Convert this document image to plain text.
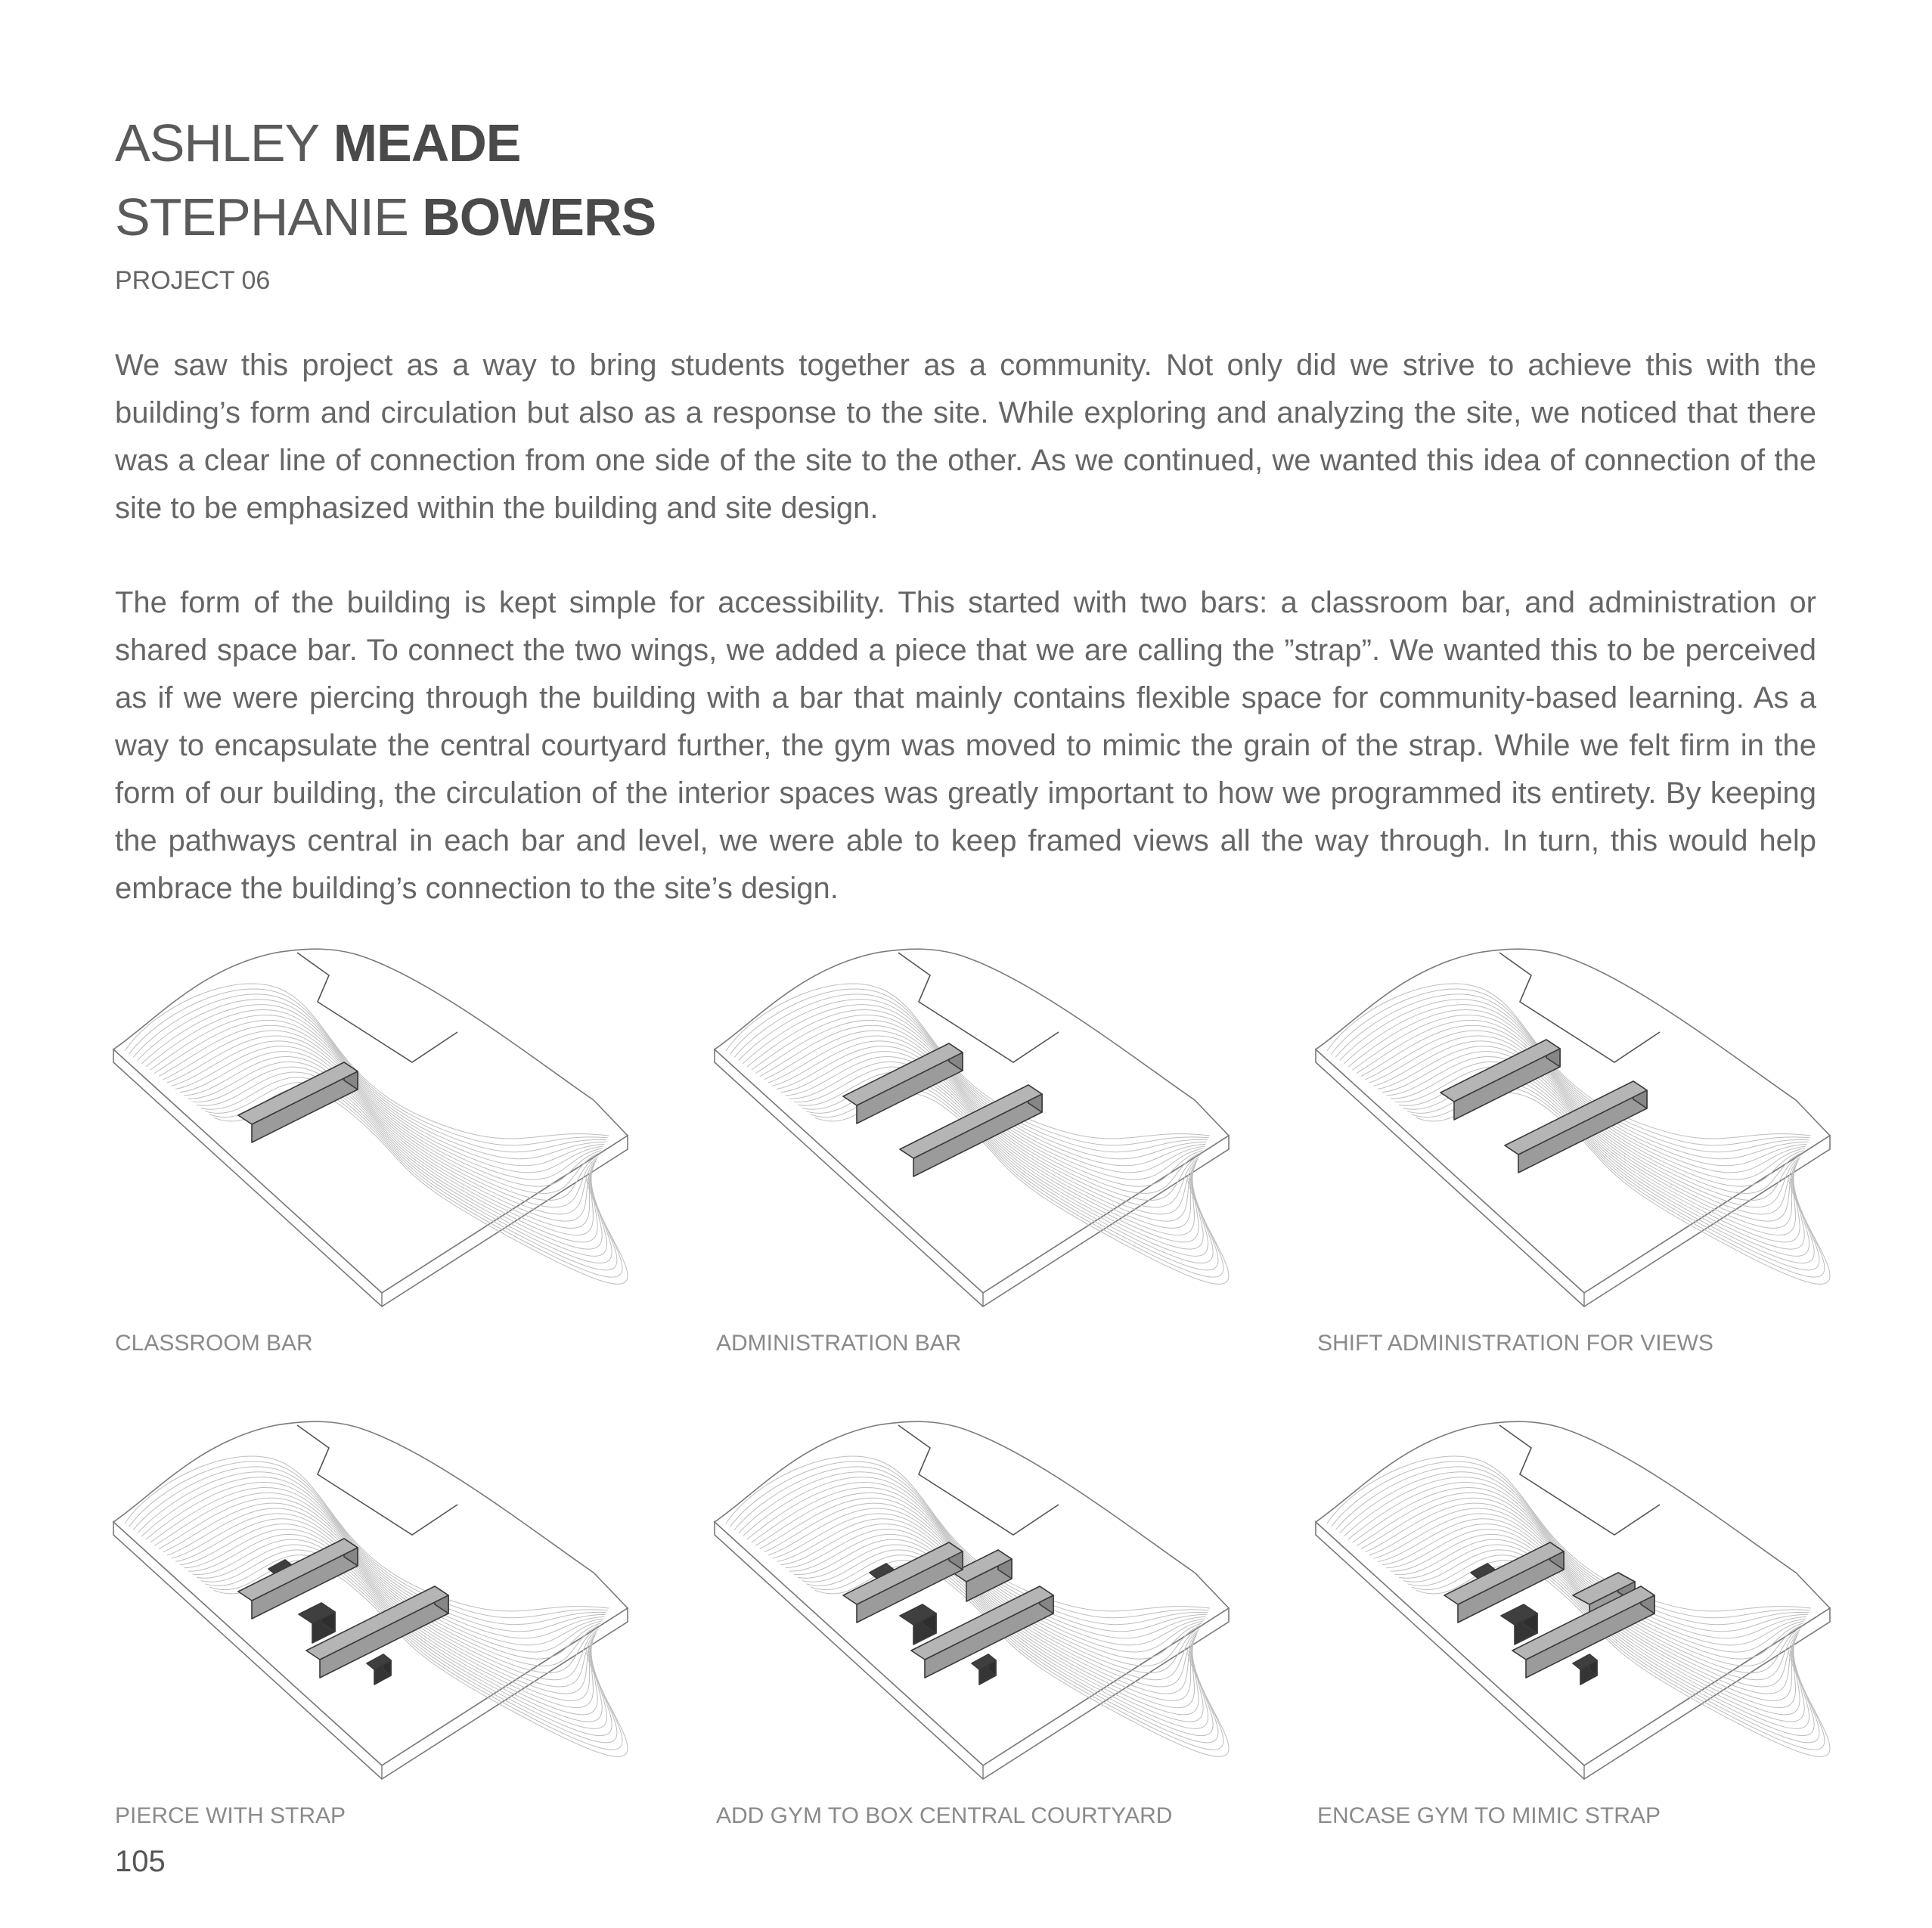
ASHLEY MEADE
STEPHANIE BOWERS
PROJECT 06

We saw this project as a way to bring students together as a community. Not only did we strive to achieve this with the building’s form and circulation but also as a response to the site. While exploring and analyzing the site, we noticed that there was a clear line of connection from one side of the site to the other. As we continued, we wanted this idea of connection of the site to be emphasized within the building and site design.

The form of the building is kept simple for accessibility. This started with two bars: a classroom bar, and administration or shared space bar. To connect the two wings, we added a piece that we are calling the ”strap”. We wanted this to be perceived as if we were piercing through the building with a bar that mainly contains flexible space for community-based learning. As a way to encapsulate the central courtyard further, the gym was moved to mimic the grain of the strap. While we felt firm in the form of our building, the circulation of the interior spaces was greatly important to how we programmed its entirety. By keeping the pathways central in each bar and level, we were able to keep framed views all the way through. In turn, this would help embrace the building’s connection to the site’s design.

CLASSROOM BAR	ADMINISTRATION BAR	SHIFT ADMINISTRATION FOR VIEWS
PIERCE WITH STRAP	ADD GYM TO BOX CENTRAL COURTYARD	ENCASE GYM TO MIMIC STRAP
105
